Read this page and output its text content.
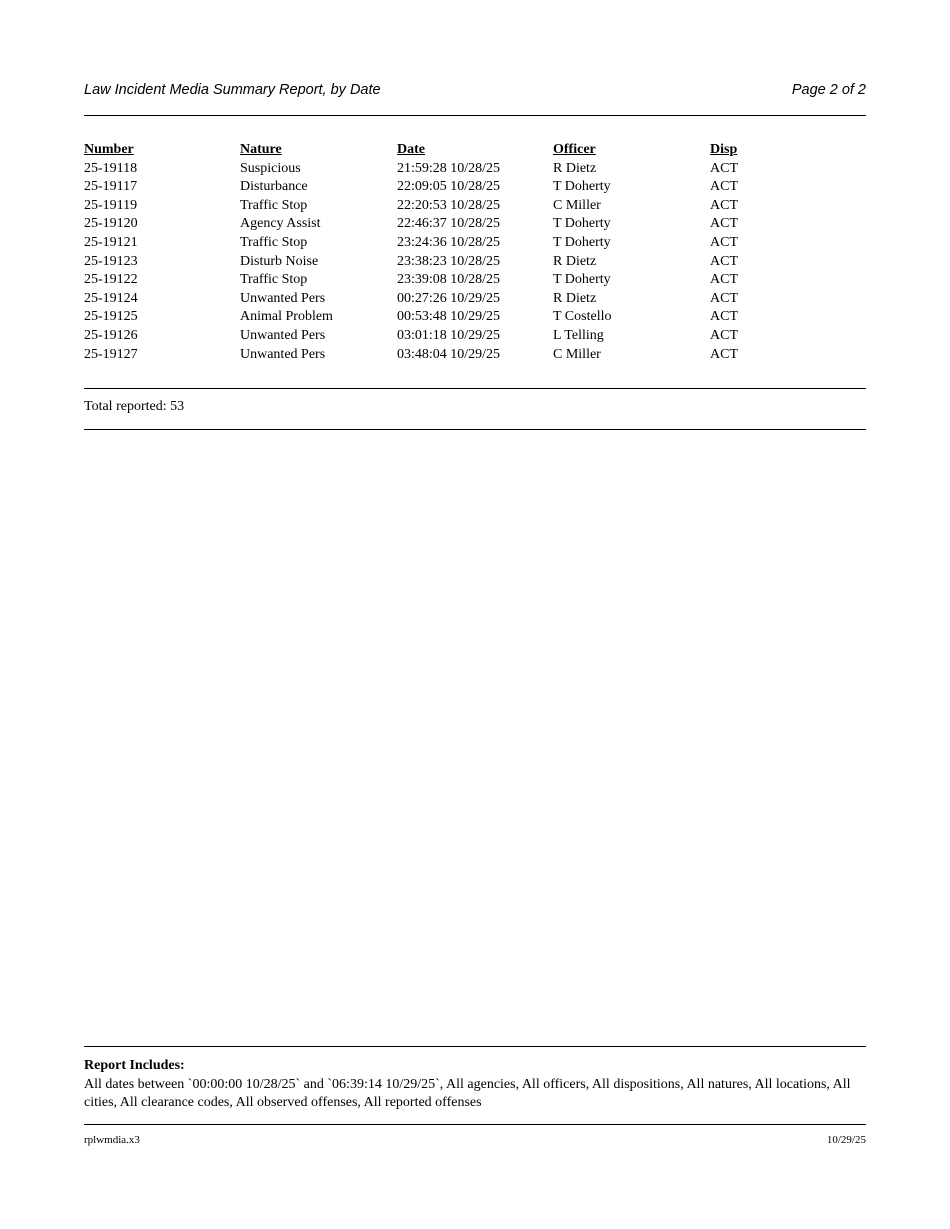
Law Incident Media Summary Report, by Date	Page 2 of 2
Number	Nature	Date	Officer	Disp
25-19118	Suspicious	21:59:28 10/28/25	R Dietz	ACT
25-19117	Disturbance	22:09:05 10/28/25	T Doherty	ACT
25-19119	Traffic Stop	22:20:53 10/28/25	C Miller	ACT
25-19120	Agency Assist	22:46:37 10/28/25	T Doherty	ACT
25-19121	Traffic Stop	23:24:36 10/28/25	T Doherty	ACT
25-19123	Disturb Noise	23:38:23 10/28/25	R Dietz	ACT
25-19122	Traffic Stop	23:39:08 10/28/25	T Doherty	ACT
25-19124	Unwanted Pers	00:27:26 10/29/25	R Dietz	ACT
25-19125	Animal Problem	00:53:48 10/29/25	T Costello	ACT
25-19126	Unwanted Pers	03:01:18 10/29/25	L Telling	ACT
25-19127	Unwanted Pers	03:48:04 10/29/25	C Miller	ACT
Total reported: 53
Report Includes:
All dates between `00:00:00 10/28/25` and `06:39:14 10/29/25`, All agencies, All officers, All dispositions, All natures, All locations, All cities, All clearance codes, All observed offenses, All reported offenses
rplwmdia.x3	10/29/25
